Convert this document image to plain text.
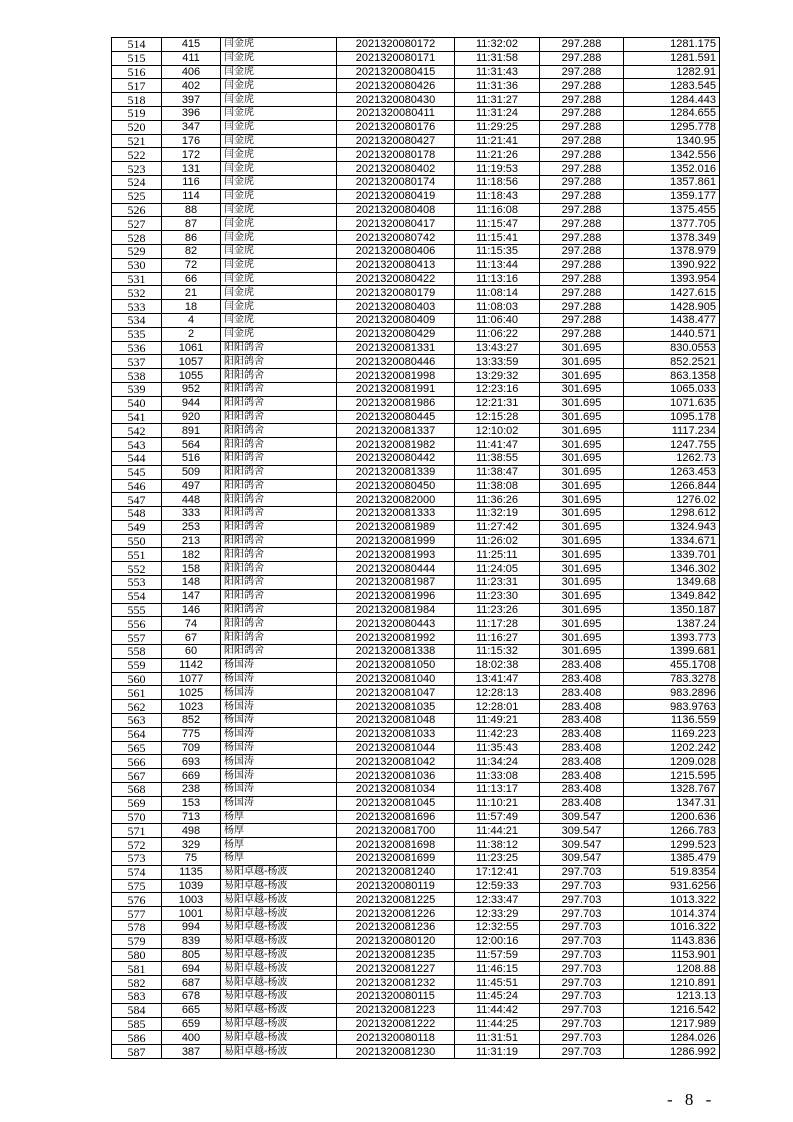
514	415	闫金虎	2021320080172	11:32:02	297.288	1281.175
515	411	闫金虎	2021320080171	11:31:58	297.288	1281.591
516	406	闫金虎	2021320080415	11:31:43	297.288	1282.91
517	402	闫金虎	2021320080426	11:31:36	297.288	1283.545
518	397	闫金虎	2021320080430	11:31:27	297.288	1284.443
519	396	闫金虎	2021320080411	11:31:24	297.288	1284.655
520	347	闫金虎	2021320080176	11:29:25	297.288	1295.778
521	176	闫金虎	2021320080427	11:21:41	297.288	1340.95
522	172	闫金虎	2021320080178	11:21:26	297.288	1342.556
523	131	闫金虎	2021320080402	11:19:53	297.288	1352.016
524	116	闫金虎	2021320080174	11:18:56	297.288	1357.861
525	114	闫金虎	2021320080419	11:18:43	297.288	1359.177
526	88	闫金虎	2021320080408	11:16:08	297.288	1375.455
527	87	闫金虎	2021320080417	11:15:47	297.288	1377.705
528	86	闫金虎	2021320080742	11:15:41	297.288	1378.349
529	82	闫金虎	2021320080406	11:15:35	297.288	1378.979
530	72	闫金虎	2021320080413	11:13:44	297.288	1390.922
531	66	闫金虎	2021320080422	11:13:16	297.288	1393.954
532	21	闫金虎	2021320080179	11:08:14	297.288	1427.615
533	18	闫金虎	2021320080403	11:08:03	297.288	1428.905
534	4	闫金虎	2021320080409	11:06:40	297.288	1438.477
535	2	闫金虎	2021320080429	11:06:22	297.288	1440.571
536	1061	阳阳鸽舍	2021320081331	13:43:27	301.695	830.0553
537	1057	阳阳鸽舍	2021320080446	13:33:59	301.695	852.2521
538	1055	阳阳鸽舍	2021320081998	13:29:32	301.695	863.1358
539	952	阳阳鸽舍	2021320081991	12:23:16	301.695	1065.033
540	944	阳阳鸽舍	2021320081986	12:21:31	301.695	1071.635
541	920	阳阳鸽舍	2021320080445	12:15:28	301.695	1095.178
542	891	阳阳鸽舍	2021320081337	12:10:02	301.695	1117.234
543	564	阳阳鸽舍	2021320081982	11:41:47	301.695	1247.755
544	516	阳阳鸽舍	2021320080442	11:38:55	301.695	1262.73
545	509	阳阳鸽舍	2021320081339	11:38:47	301.695	1263.453
546	497	阳阳鸽舍	2021320080450	11:38:08	301.695	1266.844
547	448	阳阳鸽舍	2021320082000	11:36:26	301.695	1276.02
548	333	阳阳鸽舍	2021320081333	11:32:19	301.695	1298.612
549	253	阳阳鸽舍	2021320081989	11:27:42	301.695	1324.943
550	213	阳阳鸽舍	2021320081999	11:26:02	301.695	1334.671
551	182	阳阳鸽舍	2021320081993	11:25:11	301.695	1339.701
552	158	阳阳鸽舍	2021320080444	11:24:05	301.695	1346.302
553	148	阳阳鸽舍	2021320081987	11:23:31	301.695	1349.68
554	147	阳阳鸽舍	2021320081996	11:23:30	301.695	1349.842
555	146	阳阳鸽舍	2021320081984	11:23:26	301.695	1350.187
556	74	阳阳鸽舍	2021320080443	11:17:28	301.695	1387.24
557	67	阳阳鸽舍	2021320081992	11:16:27	301.695	1393.773
558	60	阳阳鸽舍	2021320081338	11:15:32	301.695	1399.681
559	1142	杨国涛	2021320081050	18:02:38	283.408	455.1708
560	1077	杨国涛	2021320081040	13:41:47	283.408	783.3278
561	1025	杨国涛	2021320081047	12:28:13	283.408	983.2896
562	1023	杨国涛	2021320081035	12:28:01	283.408	983.9763
563	852	杨国涛	2021320081048	11:49:21	283.408	1136.559
564	775	杨国涛	2021320081033	11:42:23	283.408	1169.223
565	709	杨国涛	2021320081044	11:35:43	283.408	1202.242
566	693	杨国涛	2021320081042	11:34:24	283.408	1209.028
567	669	杨国涛	2021320081036	11:33:08	283.408	1215.595
568	238	杨国涛	2021320081034	11:13:17	283.408	1328.767
569	153	杨国涛	2021320081045	11:10:21	283.408	1347.31
570	713	杨厚	2021320081696	11:57:49	309.547	1200.636
571	498	杨厚	2021320081700	11:44:21	309.547	1266.783
572	329	杨厚	2021320081698	11:38:12	309.547	1299.523
573	75	杨厚	2021320081699	11:23:25	309.547	1385.479
574	1135	易阳卓越-杨波	2021320081240	17:12:41	297.703	519.8354
575	1039	易阳卓越-杨波	2021320080119	12:59:33	297.703	931.6256
576	1003	易阳卓越-杨波	2021320081225	12:33:47	297.703	1013.322
577	1001	易阳卓越-杨波	2021320081226	12:33:29	297.703	1014.374
578	994	易阳卓越-杨波	2021320081236	12:32:55	297.703	1016.322
579	839	易阳卓越-杨波	2021320080120	12:00:16	297.703	1143.836
580	805	易阳卓越-杨波	2021320081235	11:57:59	297.703	1153.901
581	694	易阳卓越-杨波	2021320081227	11:46:15	297.703	1208.88
582	687	易阳卓越-杨波	2021320081232	11:45:51	297.703	1210.891
583	678	易阳卓越-杨波	2021320080115	11:45:24	297.703	1213.13
584	665	易阳卓越-杨波	2021320081223	11:44:42	297.703	1216.542
585	659	易阳卓越-杨波	2021320081222	11:44:25	297.703	1217.989
586	400	易阳卓越-杨波	2021320080118	11:31:51	297.703	1284.026
587	387	易阳卓越-杨波	2021320081230	11:31:19	297.703	1286.992
- 8 -
